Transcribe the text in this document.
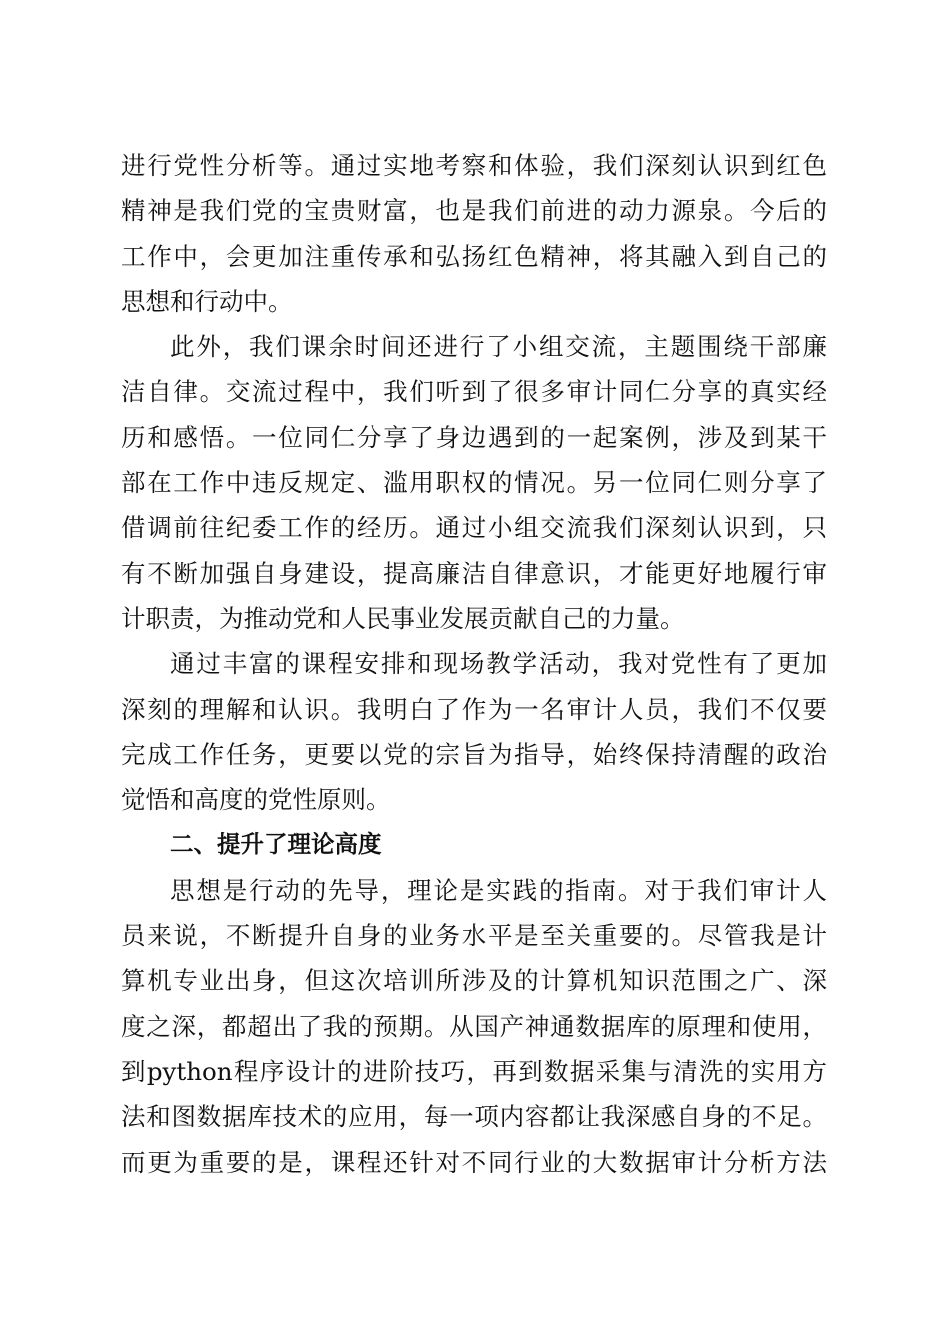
进行党性分析等。通过实地考察和体验，我们深刻认识到红色
精神是我们党的宝贵财富，也是我们前进的动力源泉。今后的
工作中，会更加注重传承和弘扬红色精神，将其融入到自己的
思想和行动中。
此外，我们课余时间还进行了小组交流，主题围绕干部廉
洁自律。交流过程中，我们听到了很多审计同仁分享的真实经
历和感悟。一位同仁分享了身边遇到的一起案例，涉及到某干
部在工作中违反规定、滥用职权的情况。另一位同仁则分享了
借调前往纪委工作的经历。通过小组交流我们深刻认识到，只
有不断加强自身建设，提高廉洁自律意识，才能更好地履行审
计职责，为推动党和人民事业发展贡献自己的力量。
通过丰富的课程安排和现场教学活动，我对党性有了更加
深刻的理解和认识。我明白了作为一名审计人员，我们不仅要
完成工作任务，更要以党的宗旨为指导，始终保持清醒的政治
觉悟和高度的党性原则。
二、提升了理论高度
思想是行动的先导，理论是实践的指南。对于我们审计人
员来说，不断提升自身的业务水平是至关重要的。尽管我是计
算机专业出身，但这次培训所涉及的计算机知识范围之广、深
度之深，都超出了我的预期。从国产神通数据库的原理和使用，
到python程序设计的进阶技巧，再到数据采集与清洗的实用方
法和图数据库技术的应用，每一项内容都让我深感自身的不足。
而更为重要的是，课程还针对不同行业的大数据审计分析方法
